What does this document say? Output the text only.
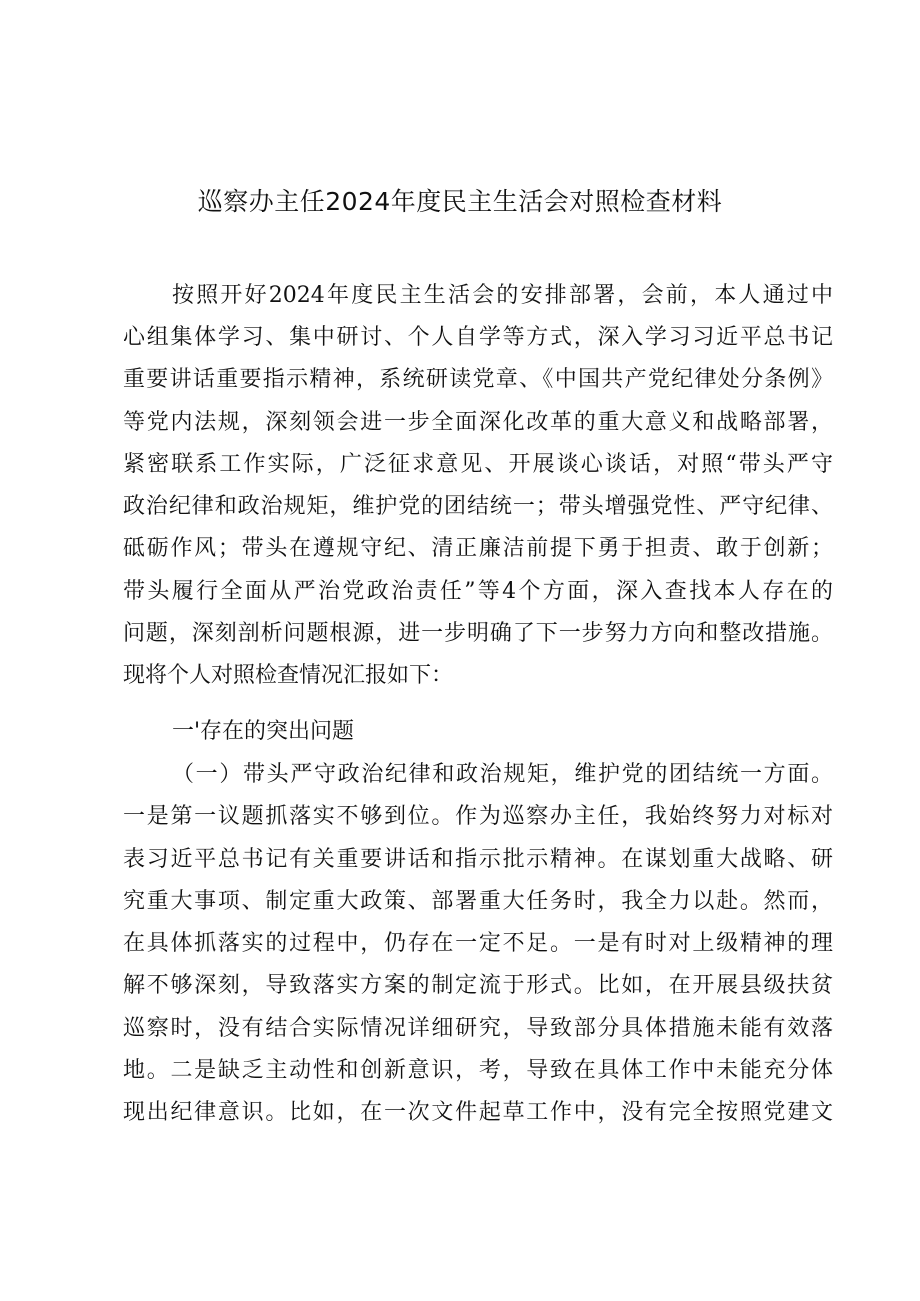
巡察办主任2024年度民主生活会对照检查材料
按照开好2024年度民主生活会的安排部署，会前，本人通过中
心组集体学习、集中研讨、个人自学等方式，深入学习习近平总书记
重要讲话重要指示精神，系统研读党章、《中国共产党纪律处分条例》
等党内法规，深刻领会进一步全面深化改革的重大意义和战略部署，
紧密联系工作实际，广泛征求意见、开展谈心谈话，对照“带头严守
政治纪律和政治规矩，维护党的团结统一；带头增强党性、严守纪律、
砥砺作风；带头在遵规守纪、清正廉洁前提下勇于担责、敢于创新；
带头履行全面从严治党政治责任”等4个方面，深入查找本人存在的
问题，深刻剖析问题根源，进一步明确了下一步努力方向和整改措施。
现将个人对照检查情况汇报如下：
一'存在的突出问题
（一）带头严守政治纪律和政治规矩，维护党的团结统一方面。
一是第一议题抓落实不够到位。作为巡察办主任，我始终努力对标对
表习近平总书记有关重要讲话和指示批示精神。在谋划重大战略、研
究重大事项、制定重大政策、部署重大任务时，我全力以赴。然而，
在具体抓落实的过程中，仍存在一定不足。一是有时对上级精神的理
解不够深刻，导致落实方案的制定流于形式。比如，在开展县级扶贫
巡察时，没有结合实际情况详细研究，导致部分具体措施未能有效落
地。二是缺乏主动性和创新意识，考，导致在具体工作中未能充分体
现出纪律意识。比如，在一次文件起草工作中，没有完全按照党建文
